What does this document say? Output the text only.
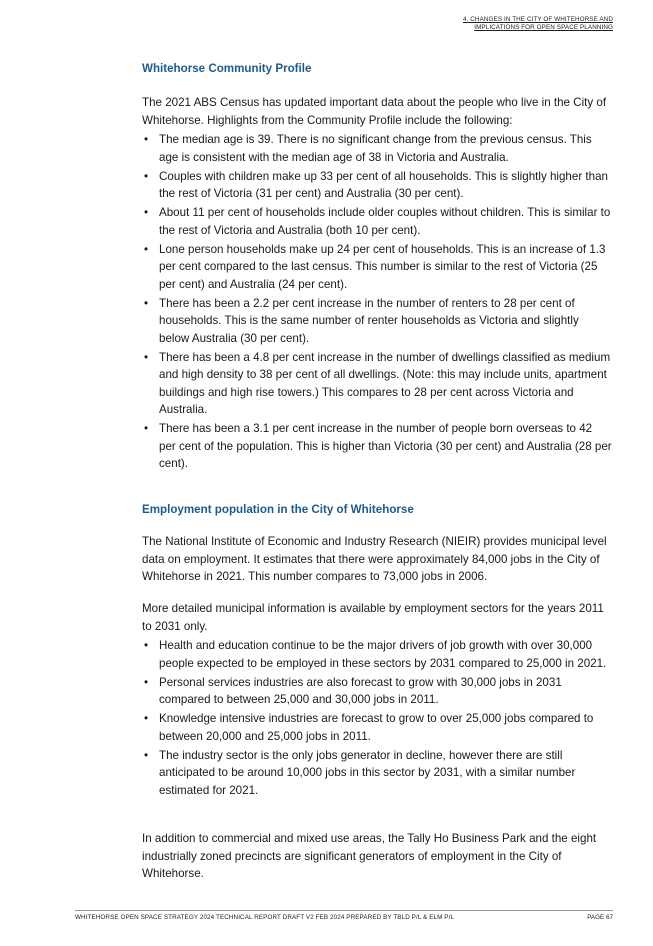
4. CHANGES IN THE CITY OF WHITEHORSE AND
IMPLICATIONS FOR OPEN SPACE PLANNING
Whitehorse Community Profile

The 2021 ABS Census has updated important data about the people who live in the City of Whitehorse. Highlights from the Community Profile include the following:

• The median age is 39. There is no significant change from the previous census. This age is consistent with the median age of 38 in Victoria and Australia.
• Couples with children make up 33 per cent of all households. This is slightly higher than the rest of Victoria (31 per cent) and Australia (30 per cent).
• About 11 per cent of households include older couples without children. This is similar to the rest of Victoria and Australia (both 10 per cent).
• Lone person households make up 24 per cent of households. This is an increase of 1.3 per cent compared to the last census. This number is similar to the rest of Victoria (25 per cent) and Australia (24 per cent).
• There has been a 2.2 per cent increase in the number of renters to 28 per cent of households. This is the same number of renter households as Victoria and slightly below Australia (30 per cent).
• There has been a 4.8 per cent increase in the number of dwellings classified as medium and high density to 38 per cent of all dwellings. (Note: this may include units, apartment buildings and high rise towers.) This compares to 28 per cent across Victoria and Australia.
• There has been a 3.1 per cent increase in the number of people born overseas to 42 per cent of the population. This is higher than Victoria (30 per cent) and Australia (28 per cent).
Employment population in the City of Whitehorse

The National Institute of Economic and Industry Research (NIEIR) provides municipal level data on employment. It estimates that there were approximately 84,000 jobs in the City of Whitehorse in 2021. This number compares to 73,000 jobs in 2006.

More detailed municipal information is available by employment sectors for the years 2011 to 2031 only.

• Health and education continue to be the major drivers of job growth with over 30,000 people expected to be employed in these sectors by 2031 compared to 25,000 in 2021.
• Personal services industries are also forecast to grow with 30,000 jobs in 2031 compared to between 25,000 and 30,000 jobs in 2011.
• Knowledge intensive industries are forecast to grow to over 25,000 jobs compared to between 20,000 and 25,000 jobs in 2011.
• The industry sector is the only jobs generator in decline, however there are still anticipated to be around 10,000 jobs in this sector by 2031, with a similar number estimated for 2021.

In addition to commercial and mixed use areas, the Tally Ho Business Park and the eight industrially zoned precincts are significant generators of employment in the City of Whitehorse.

WHITEHORSE OPEN SPACE STRATEGY 2024 TECHNICAL REPORT DRAFT V2 FEB 2024 PREPARED BY TBLD P/L & ELM P/L	PAGE 67
